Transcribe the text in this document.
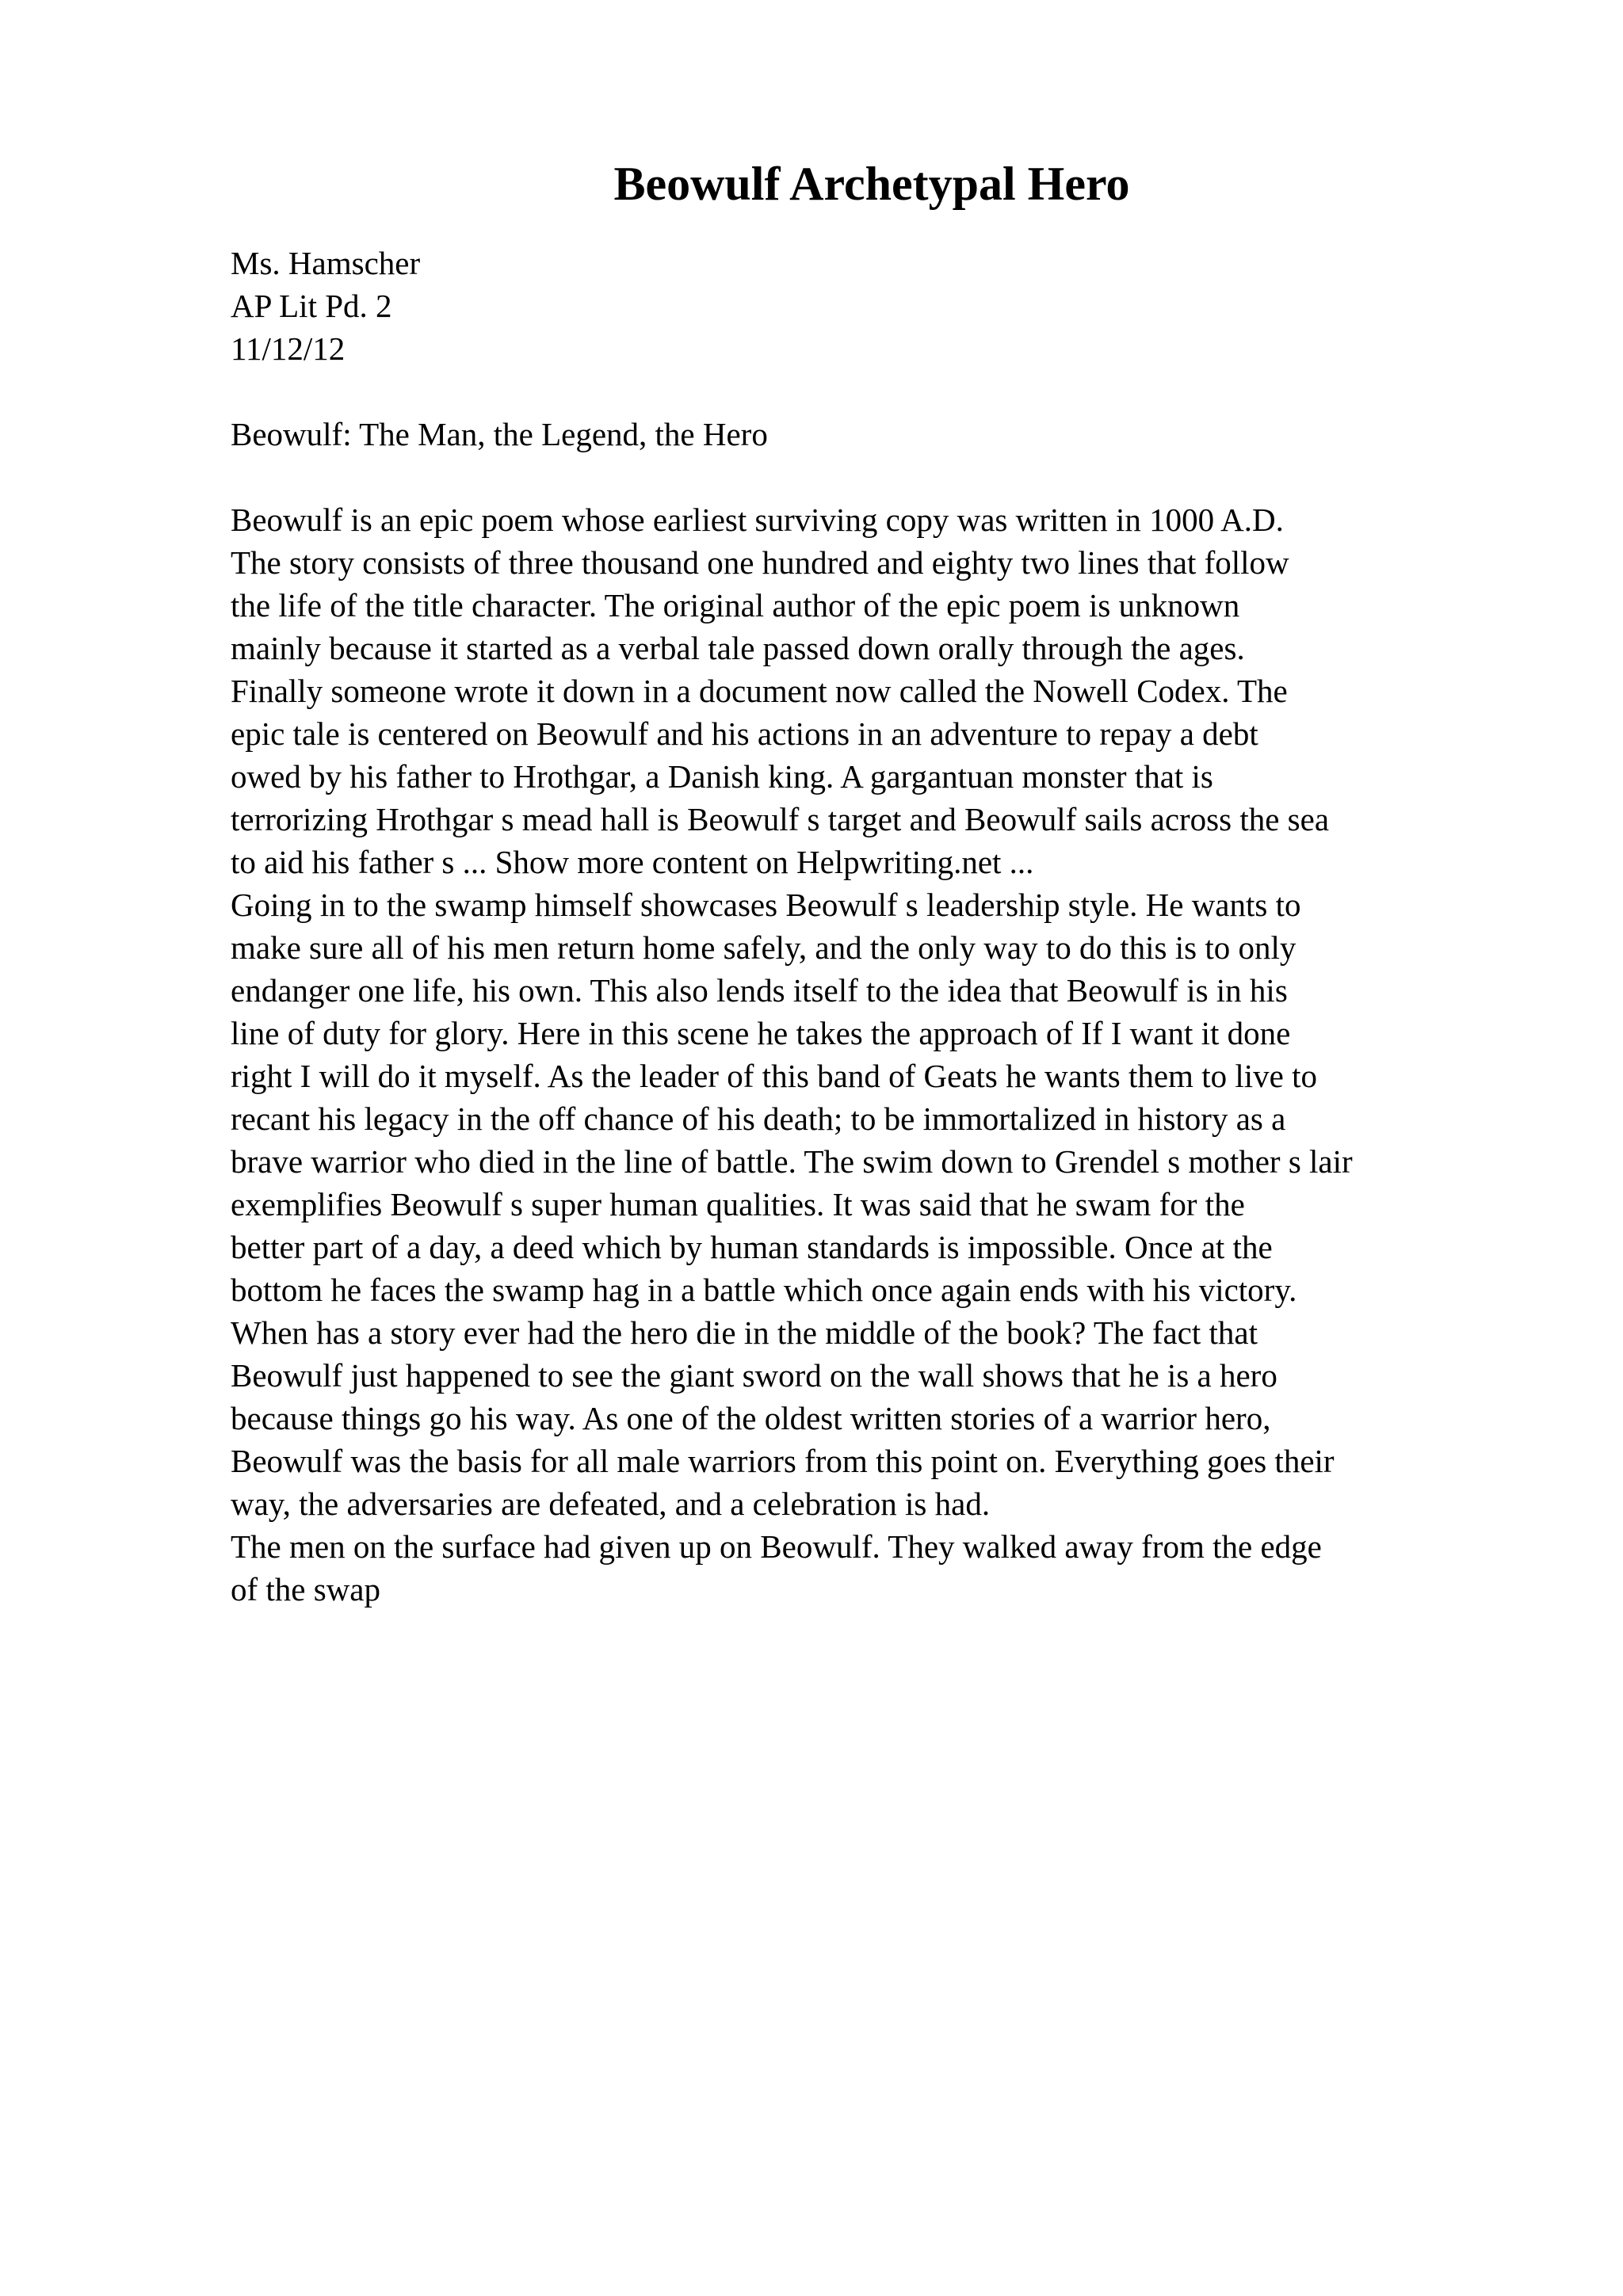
Beowulf Archetypal Hero
Ms. Hamscher
AP Lit Pd. 2
11/12/12
Beowulf: The Man, the Legend, the Hero
Beowulf is an epic poem whose earliest surviving copy was written in 1000 A.D.
The story consists of three thousand one hundred and eighty two lines that follow
the life of the title character. The original author of the epic poem is unknown
mainly because it started as a verbal tale passed down orally through the ages.
Finally someone wrote it down in a document now called the Nowell Codex. The
epic tale is centered on Beowulf and his actions in an adventure to repay a debt
owed by his father to Hrothgar, a Danish king. A gargantuan monster that is
terrorizing Hrothgar s mead hall is Beowulf s target and Beowulf sails across the sea
to aid his father s ... Show more content on Helpwriting.net ...
Going in to the swamp himself showcases Beowulf s leadership style. He wants to
make sure all of his men return home safely, and the only way to do this is to only
endanger one life, his own. This also lends itself to the idea that Beowulf is in his
line of duty for glory. Here in this scene he takes the approach of If I want it done
right I will do it myself. As the leader of this band of Geats he wants them to live to
recant his legacy in the off chance of his death; to be immortalized in history as a
brave warrior who died in the line of battle. The swim down to Grendel s mother s lair
exemplifies Beowulf s super human qualities. It was said that he swam for the
better part of a day, a deed which by human standards is impossible. Once at the
bottom he faces the swamp hag in a battle which once again ends with his victory.
When has a story ever had the hero die in the middle of the book? The fact that
Beowulf just happened to see the giant sword on the wall shows that he is a hero
because things go his way. As one of the oldest written stories of a warrior hero,
Beowulf was the basis for all male warriors from this point on. Everything goes their
way, the adversaries are defeated, and a celebration is had.
The men on the surface had given up on Beowulf. They walked away from the edge
of the swap
